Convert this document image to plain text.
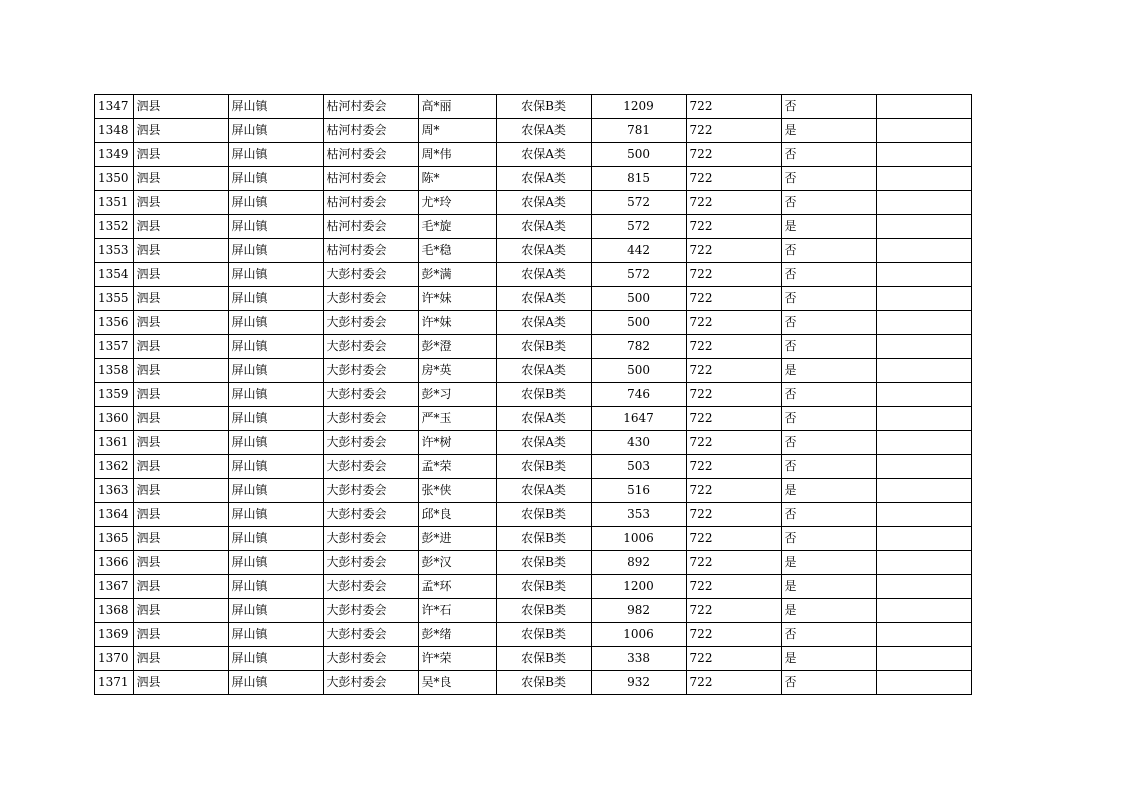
1347	泗县	屏山镇	枯河村委会	高*丽	农保B类	1209	722	否	
1348	泗县	屏山镇	枯河村委会	周*	农保A类	781	722	是	
1349	泗县	屏山镇	枯河村委会	周*伟	农保A类	500	722	否	
1350	泗县	屏山镇	枯河村委会	陈*	农保A类	815	722	否	
1351	泗县	屏山镇	枯河村委会	尤*玲	农保A类	572	722	否	
1352	泗县	屏山镇	枯河村委会	毛*旋	农保A类	572	722	是	
1353	泗县	屏山镇	枯河村委会	毛*稳	农保A类	442	722	否	
1354	泗县	屏山镇	大彭村委会	彭*满	农保A类	572	722	否	
1355	泗县	屏山镇	大彭村委会	许*妹	农保A类	500	722	否	
1356	泗县	屏山镇	大彭村委会	许*妹	农保A类	500	722	否	
1357	泗县	屏山镇	大彭村委会	彭*澄	农保B类	782	722	否	
1358	泗县	屏山镇	大彭村委会	房*英	农保A类	500	722	是	
1359	泗县	屏山镇	大彭村委会	彭*习	农保B类	746	722	否	
1360	泗县	屏山镇	大彭村委会	严*玉	农保A类	1647	722	否	
1361	泗县	屏山镇	大彭村委会	许*树	农保A类	430	722	否	
1362	泗县	屏山镇	大彭村委会	孟*荣	农保B类	503	722	否	
1363	泗县	屏山镇	大彭村委会	张*侠	农保A类	516	722	是	
1364	泗县	屏山镇	大彭村委会	邱*良	农保B类	353	722	否	
1365	泗县	屏山镇	大彭村委会	彭*进	农保B类	1006	722	否	
1366	泗县	屏山镇	大彭村委会	彭*汉	农保B类	892	722	是	
1367	泗县	屏山镇	大彭村委会	孟*环	农保B类	1200	722	是	
1368	泗县	屏山镇	大彭村委会	许*石	农保B类	982	722	是	
1369	泗县	屏山镇	大彭村委会	彭*绪	农保B类	1006	722	否	
1370	泗县	屏山镇	大彭村委会	许*荣	农保B类	338	722	是	
1371	泗县	屏山镇	大彭村委会	吴*良	农保B类	932	722	否	
